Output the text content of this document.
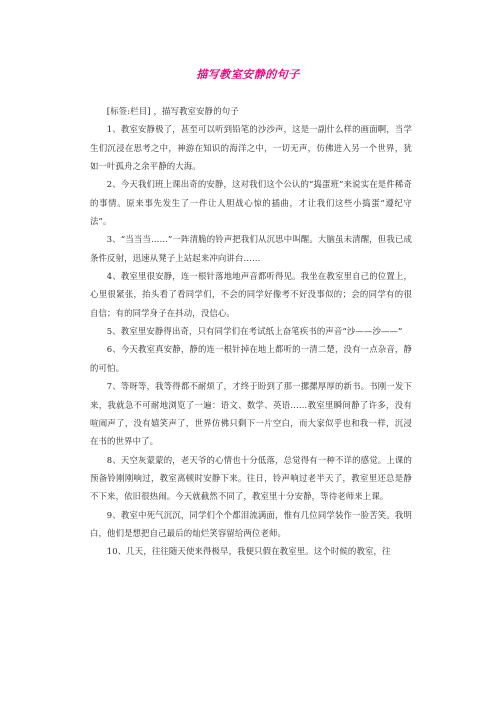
描写教室安静的句子

[标签:栏目] ，描写教室安静的句子

1、教室安静极了，甚至可以听到铅笔的沙沙声，这是一副什么样的画面啊，当学生们沉浸在思考之中，神游在知识的海洋之中，一切无声，仿佛进入另一个世界，犹如一叶孤舟之余平静的大海。

2、今天我们班上课出奇的安静，这对我们这个公认的“捣蛋班”来说实在是件稀奇的事情。原来事先发生了一件让人胆战心惊的插曲，才让我们这些小捣蛋“遵纪守法”。

3、“当当当……”一阵清脆的铃声把我们从沉思中叫醒。大脑虽未清醒，但我已成条件反射，迅速从凳子上站起来冲向讲台……

4、教室里很安静，连一根针落地地声音都听得见。我坐在教室里自己的位置上，心里很紧张，抬头看了看同学们，不会的同学好像考不好没事似的；会的同学有的很自信；有的同学身子在抖动，没信心。

5、教室里安静得出奇，只有同学们在考试纸上奋笔疾书的声音“沙——沙——”

6、今天教室真安静，静的连一根针掉在地上都听的一清二楚，没有一点杂音，静的可怕。

7、等呀等，我等得都不耐烦了，才终于盼到了那一摞摞厚厚的新书。书刚一发下来，我就急不可耐地浏览了一遍：语文、数学、英语……教室里瞬间静了许多，没有喧闹声了，没有嬉笑声了，世界仿佛只剩下一片空白，而大家似乎也和我一样，沉浸在书的世界中了。

8、天空灰蒙蒙的，老天爷的心情也十分低落，总觉得有一种不详的感觉。上课的预备铃刚刚响过，教室离顿时安静下来。往日，铃声响过老半天了，教室里还总是静不下来，依旧很热闹。今天就截然不同了，教室里十分安静，等待老师来上课。

9、教室中死气沉沉，同学们个个都泪流满面，惟有几位同学装作一脸苦笑。我明白，他们是想把自己最后的灿烂笑容留给两位老师。

10、几天，往往随天使来得极早，我便只假在教室里。这个时候的教室，往
